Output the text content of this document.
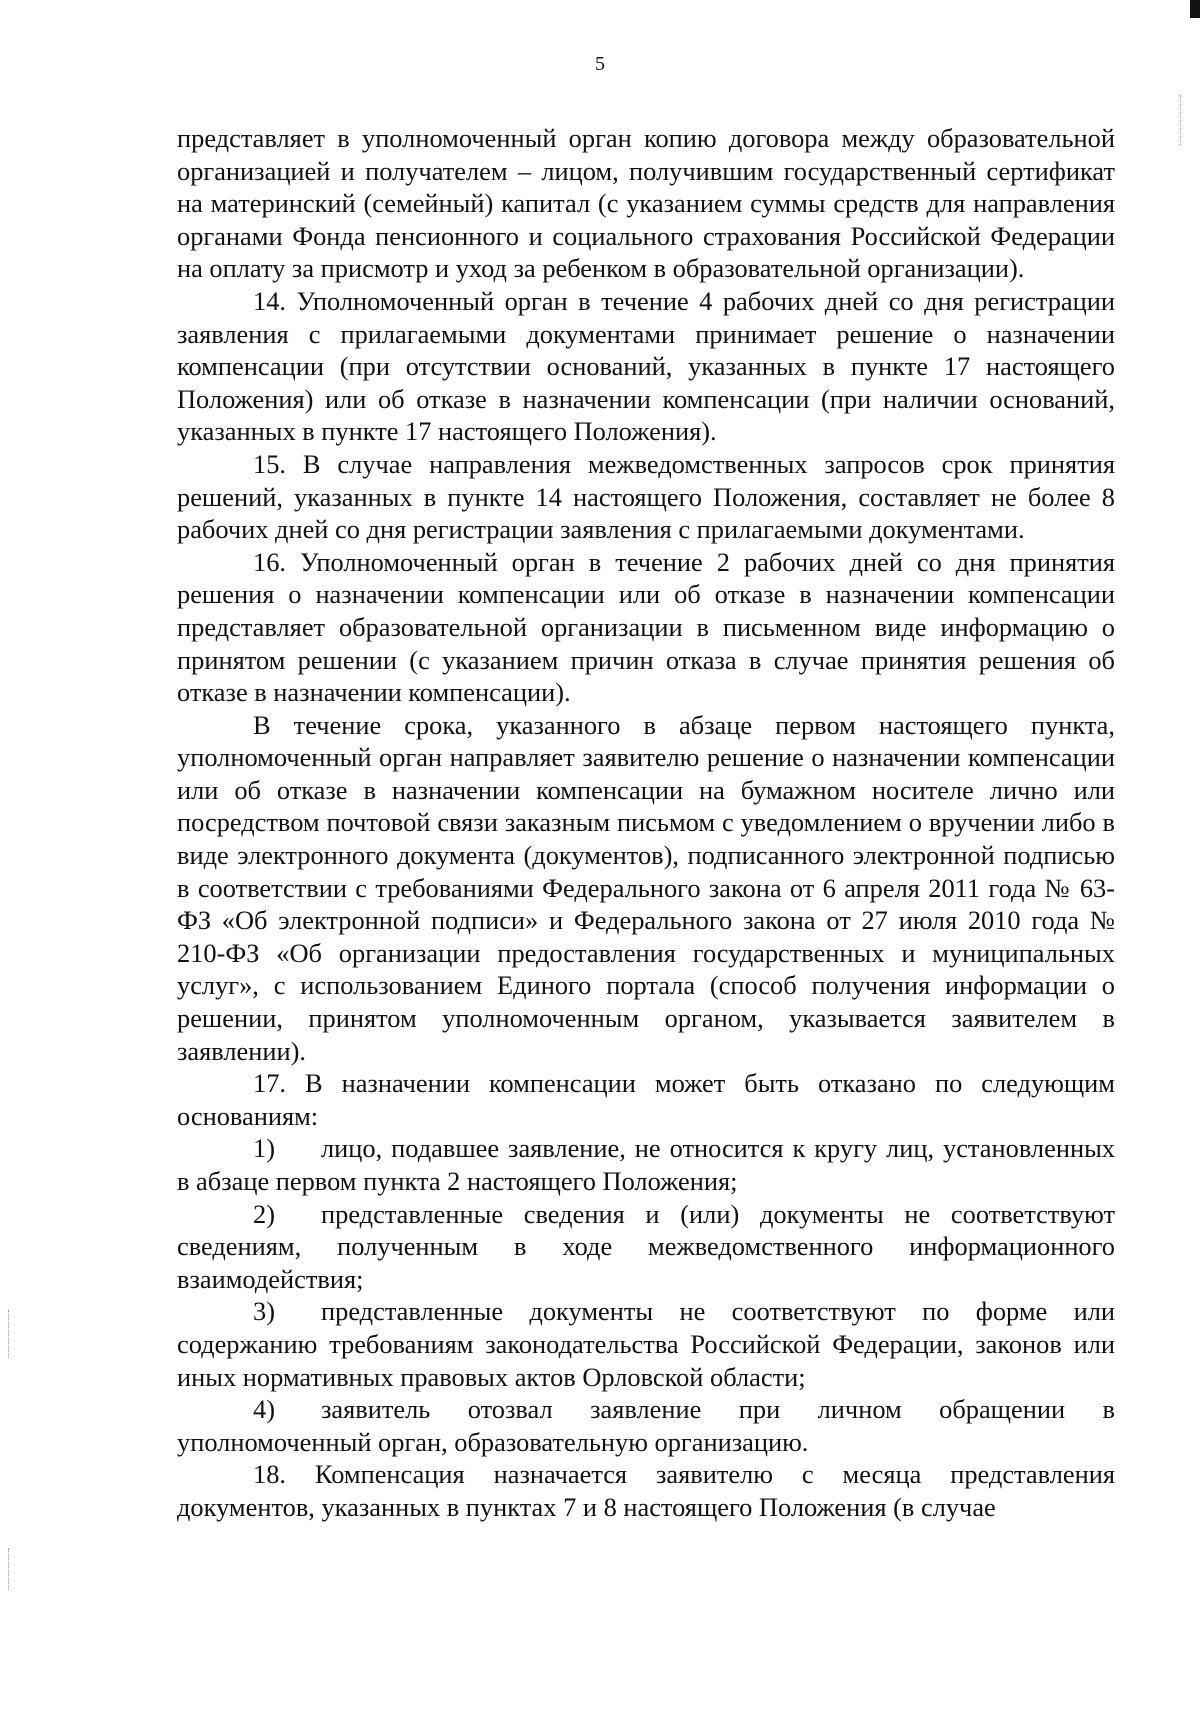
5

представляет в уполномоченный орган копию договора между образовательной организацией и получателем – лицом, получившим государственный сертификат на материнский (семейный) капитал (с указанием суммы средств для направления органами Фонда пенсионного и социального страхования Российской Федерации на оплату за присмотр и уход за ребенком в образовательной организации).

14. Уполномоченный орган в течение 4 рабочих дней со дня регистрации заявления с прилагаемыми документами принимает решение о назначении компенсации (при отсутствии оснований, указанных в пункте 17 настоящего Положения) или об отказе в назначении компенсации (при наличии оснований, указанных в пункте 17 настоящего Положения).

15. В случае направления межведомственных запросов срок принятия решений, указанных в пункте 14 настоящего Положения, составляет не более 8 рабочих дней со дня регистрации заявления с прилагаемыми документами.

16. Уполномоченный орган в течение 2 рабочих дней со дня принятия решения о назначении компенсации или об отказе в назначении компенсации представляет образовательной организации в письменном виде информацию о принятом решении (с указанием причин отказа в случае принятия решения об отказе в назначении компенсации).

В течение срока, указанного в абзаце первом настоящего пункта, уполномоченный орган направляет заявителю решение о назначении компенсации или об отказе в назначении компенсации на бумажном носителе лично или посредством почтовой связи заказным письмом с уведомлением о вручении либо в виде электронного документа (документов), подписанного электронной подписью в соответствии с требованиями Федерального закона от 6 апреля 2011 года № 63-ФЗ «Об электронной подписи» и Федерального закона от 27 июля 2010 года № 210-ФЗ «Об организации предоставления государственных и муниципальных услуг», с использованием Единого портала (способ получения информации о решении, принятом уполномоченным органом, указывается заявителем в заявлении).

17. В назначении компенсации может быть отказано по следующим основаниям:

1) лицо, подавшее заявление, не относится к кругу лиц, установленных в абзаце первом пункта 2 настоящего Положения;

2) представленные сведения и (или) документы не соответствуют сведениям, полученным в ходе межведомственного информационного взаимодействия;

3) представленные документы не соответствуют по форме или содержанию требованиям законодательства Российской Федерации, законов или иных нормативных правовых актов Орловской области;

4) заявитель отозвал заявление при личном обращении в уполномоченный орган, образовательную организацию.

18. Компенсация назначается заявителю с месяца представления документов, указанных в пунктах 7 и 8 настоящего Положения (в случае
